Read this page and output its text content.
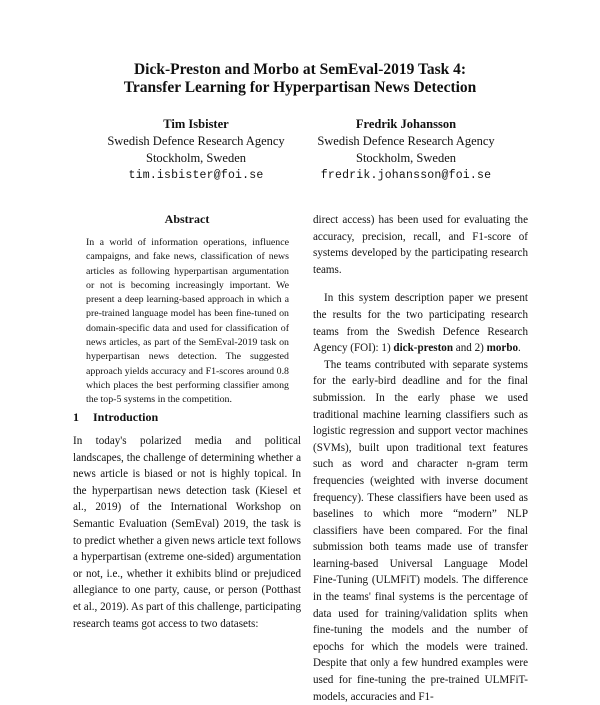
Dick-Preston and Morbo at SemEval-2019 Task 4:
Transfer Learning for Hyperpartisan News Detection
Tim Isbister
Swedish Defence Research Agency
Stockholm, Sweden
tim.isbister@foi.se
Fredrik Johansson
Swedish Defence Research Agency
Stockholm, Sweden
fredrik.johansson@foi.se
Abstract
In a world of information operations, influence campaigns, and fake news, classification of news articles as following hyperpartisan argumentation or not is becoming increasingly important. We present a deep learning-based approach in which a pre-trained language model has been fine-tuned on domain-specific data and used for classification of news articles, as part of the SemEval-2019 task on hyperpartisan news detection. The suggested approach yields accuracy and F1-scores around 0.8 which places the best performing classifier among the top-5 systems in the competition.
1 Introduction

In today's polarized media and political landscapes, the challenge of determining whether a news article is biased or not is highly topical. In the hyperpartisan news detection task (Kiesel et al., 2019) of the International Workshop on Semantic Evaluation (SemEval) 2019, the task is to predict whether a given news article text follows a hyperpartisan (extreme one-sided) argumentation or not, i.e., whether it exhibits blind or prejudiced allegiance to one party, cause, or person (Potthast et al., 2019). As part of this challenge, participating research teams got access to two datasets:

direct access) has been used for evaluating the accuracy, precision, recall, and F1-score of systems developed by the participating research teams.

In this system description paper we present the results for the two participating research teams from the Swedish Defence Research Agency (FOI): 1) dick-preston and 2) morbo.

The teams contributed with separate systems for the early-bird deadline and for the final submission. In the early phase we used traditional machine learning classifiers such as logistic regression and support vector machines (SVMs), built upon traditional text features such as word and character n-gram term frequencies (weighted with inverse document frequency). These classifiers have been used as baselines to which more “modern” NLP classifiers have been compared. For the final submission both teams made use of transfer learning-based Universal Language Model Fine-Tuning (ULMFiT) models. The difference in the teams' final systems is the percentage of data used for training/validation splits when fine-tuning the models and the number of epochs for which the models were trained. Despite that only a few hundred examples were used for fine-tuning the pre-trained ULMFiT-models, accuracies and F1-
